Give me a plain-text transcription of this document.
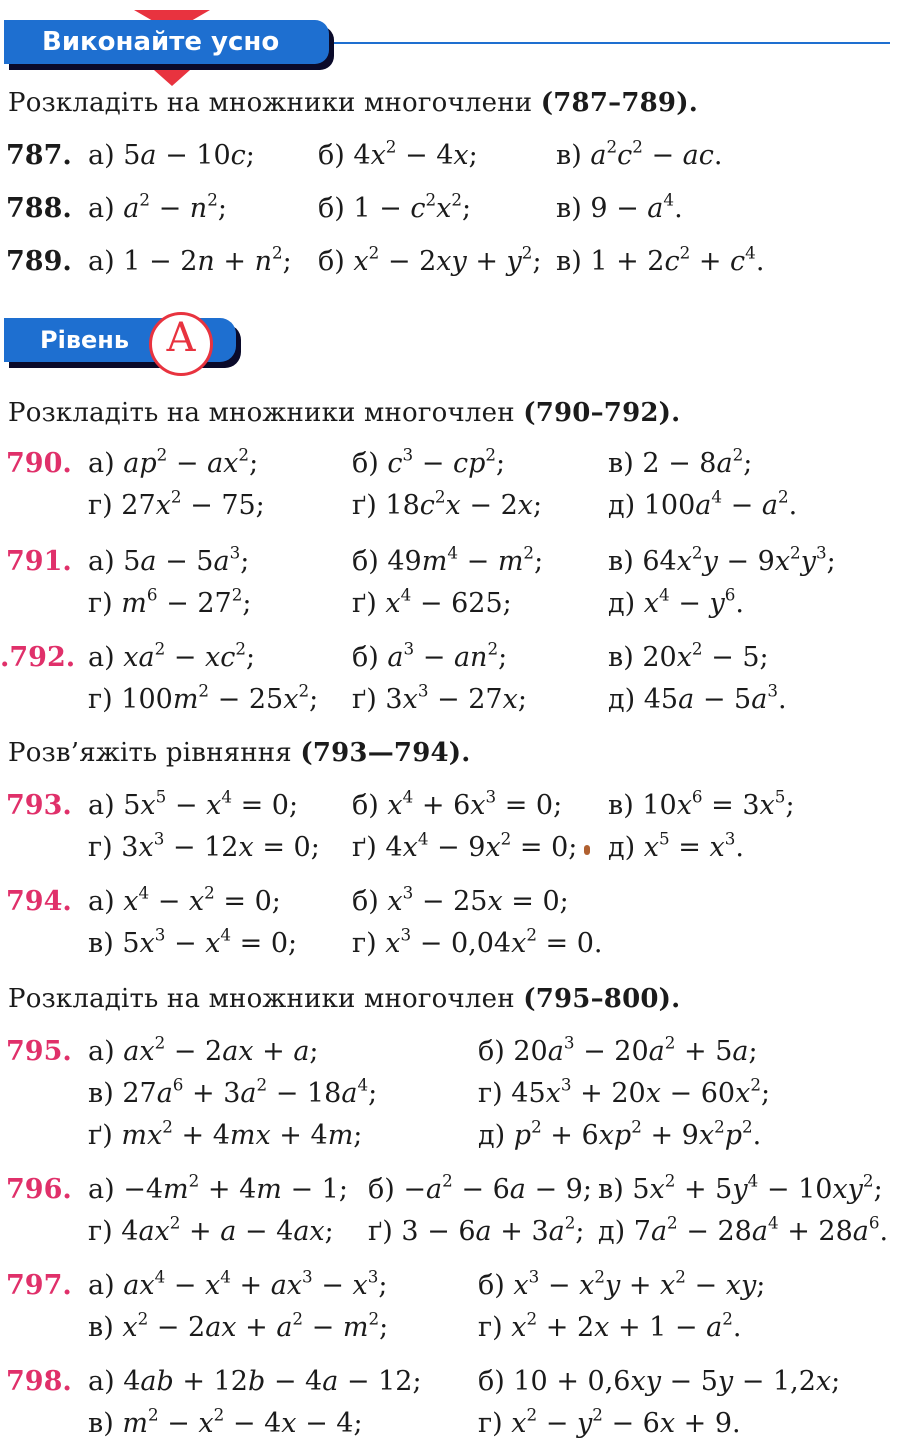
Виконайте усно
Розкладіть на множники многочлени (787–789).
787. а) 5a − 10c; б) $4x^2 - 4x$;	в) $a^2c^2$ − ac.
788. а) $a^2 - n^2$;	б) $1 - c^2x^2$;	в) $9 - a^4$.
789. а) $1 - 2n + n^2$; б) $x^2 - 2xy + y^2$; в) $1 + 2c^2 + c^4$.
Рівень А
Розкладіть на множники многочлен (790–792).
790. а) $ap^2 - ax^2$;	б) $c^3 - cp^2$;	в) $2 - 8a^2$;
г) $27x^2 - 75$;	ґ) $18c^2x - 2x$; д) $100a^4 - a^2$.
791. а) $5a - 5a^3$;	б) $49m^4 - m^2$; в) $64x^2y - 9x^2y^3$;
г) $m^6 - 27^2$;	ґ) $x^4 - 625$;	д) $x^4 - y^6$.
.792. а) $xa^2 - xc^2$;	б) $a^3 - an^2$;	в) $20x^2 - 5$;
г) $100m^2 - 25x^2$; ґ) $3x^3 - 27x$;	д) $45a - 5a^3$.
Розв’яжіть рівняння (793—794).
793. а) $5x^5 - x^4 = 0$; б) $x^4 + 6x^3 = 0$; в) $10x^6 = 3x^5$;
г) $3x^3 - 12x = 0$; ґ) $4x^4 - 9x^2 = 0$; д) $x^5 = x^3$.
794. а) $x^4 - x^2 = 0$;	б) $x^3 - 25x = 0$;
в) $5x^3 - x^4 = 0$; г) $x^3 - 0,04x^2 = 0$.
Розкладіть на множники многочлен (795–800).
795. а) $ax^2 - 2ax + a$;	б) $20a^3 - 20a^2 + 5a$;
в) $27a^6 + 3a^2 - 18a^4$;	г) $45x^3 + 20x - 60x^2$;
ґ) $mx^2 + 4mx + 4m$;	д) $p^2 + 6xp^2 + 9x^2p^2$.
796. $а) -4m^2 + 4m - 1$; $б) -a^2 - 6a - 9$; в) $5x^2 + 5y^4 - 10xy^2$;
г) $4ax^2 + a - 4ax$; ґ) $3 - 6a + 3a^2$; д) $7a^2 - 28a^4 + 28a^6$.
797. а) $ax^4 - x^4 + ax^3 - x^3$;	б) $x^3 - x^2y + x^2$ − xy;
в) $x^2 - 2ax + a^2 - m^2$;	г) $x^2 + 2x + 1 - a^2$.
798. а) 4ab + 12b − 4a − 12; б) 10 + 0,6xy − 5y − 1,2x;
в) $m^2 - x^2 - 4x - 4$;	г) $x^2 - y^2 - 6x + 9$.
